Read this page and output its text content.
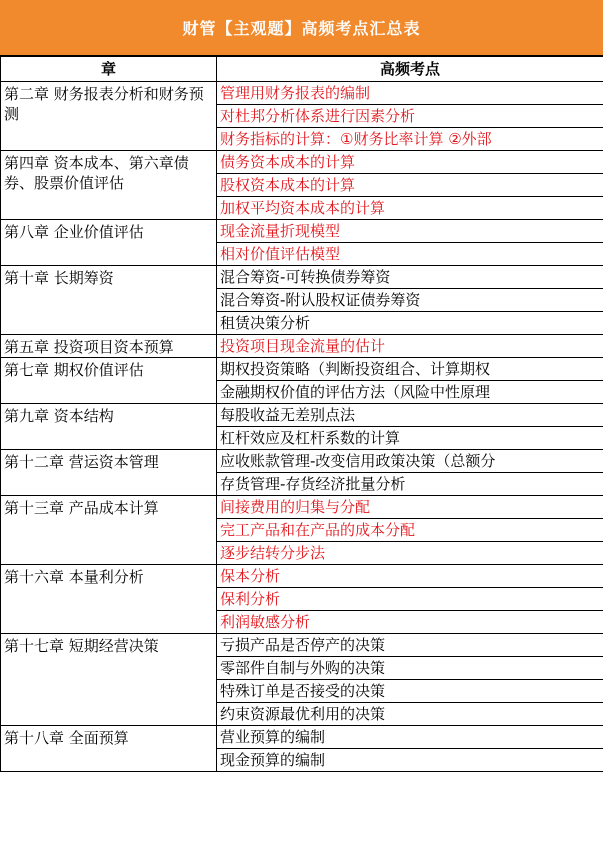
财管【主观题】高频考点汇总表
章	高频考点
第二章 财务报表分析和财务预测	管理用财务报表的编制
	对杜邦分析体系进行因素分析
	财务指标的计算：①财务比率计算 ②外部
第四章 资本成本、第六章债券、股票价值评估	债务资本成本的计算
	股权资本成本的计算
	加权平均资本成本的计算
第八章 企业价值评估	现金流量折现模型
	相对价值评估模型
第十章 长期筹资	混合筹资-可转换债券筹资
	混合筹资-附认股权证债券筹资
	租赁决策分析
第五章 投资项目资本预算	投资项目现金流量的估计
第七章 期权价值评估	期权投资策略（判断投资组合、计算期权
	金融期权价值的评估方法（风险中性原理
第九章 资本结构	每股收益无差别点法
	杠杆效应及杠杆系数的计算
第十二章 营运资本管理	应收账款管理-改变信用政策决策（总额分
	存货管理-存货经济批量分析
第十三章 产品成本计算	间接费用的归集与分配
	完工产品和在产品的成本分配
	逐步结转分步法
第十六章 本量利分析	保本分析
	保利分析
	利润敏感分析
第十七章 短期经营决策	亏损产品是否停产的决策
	零部件自制与外购的决策
	特殊订单是否接受的决策
	约束资源最优利用的决策
第十八章 全面预算	营业预算的编制
	现金预算的编制
